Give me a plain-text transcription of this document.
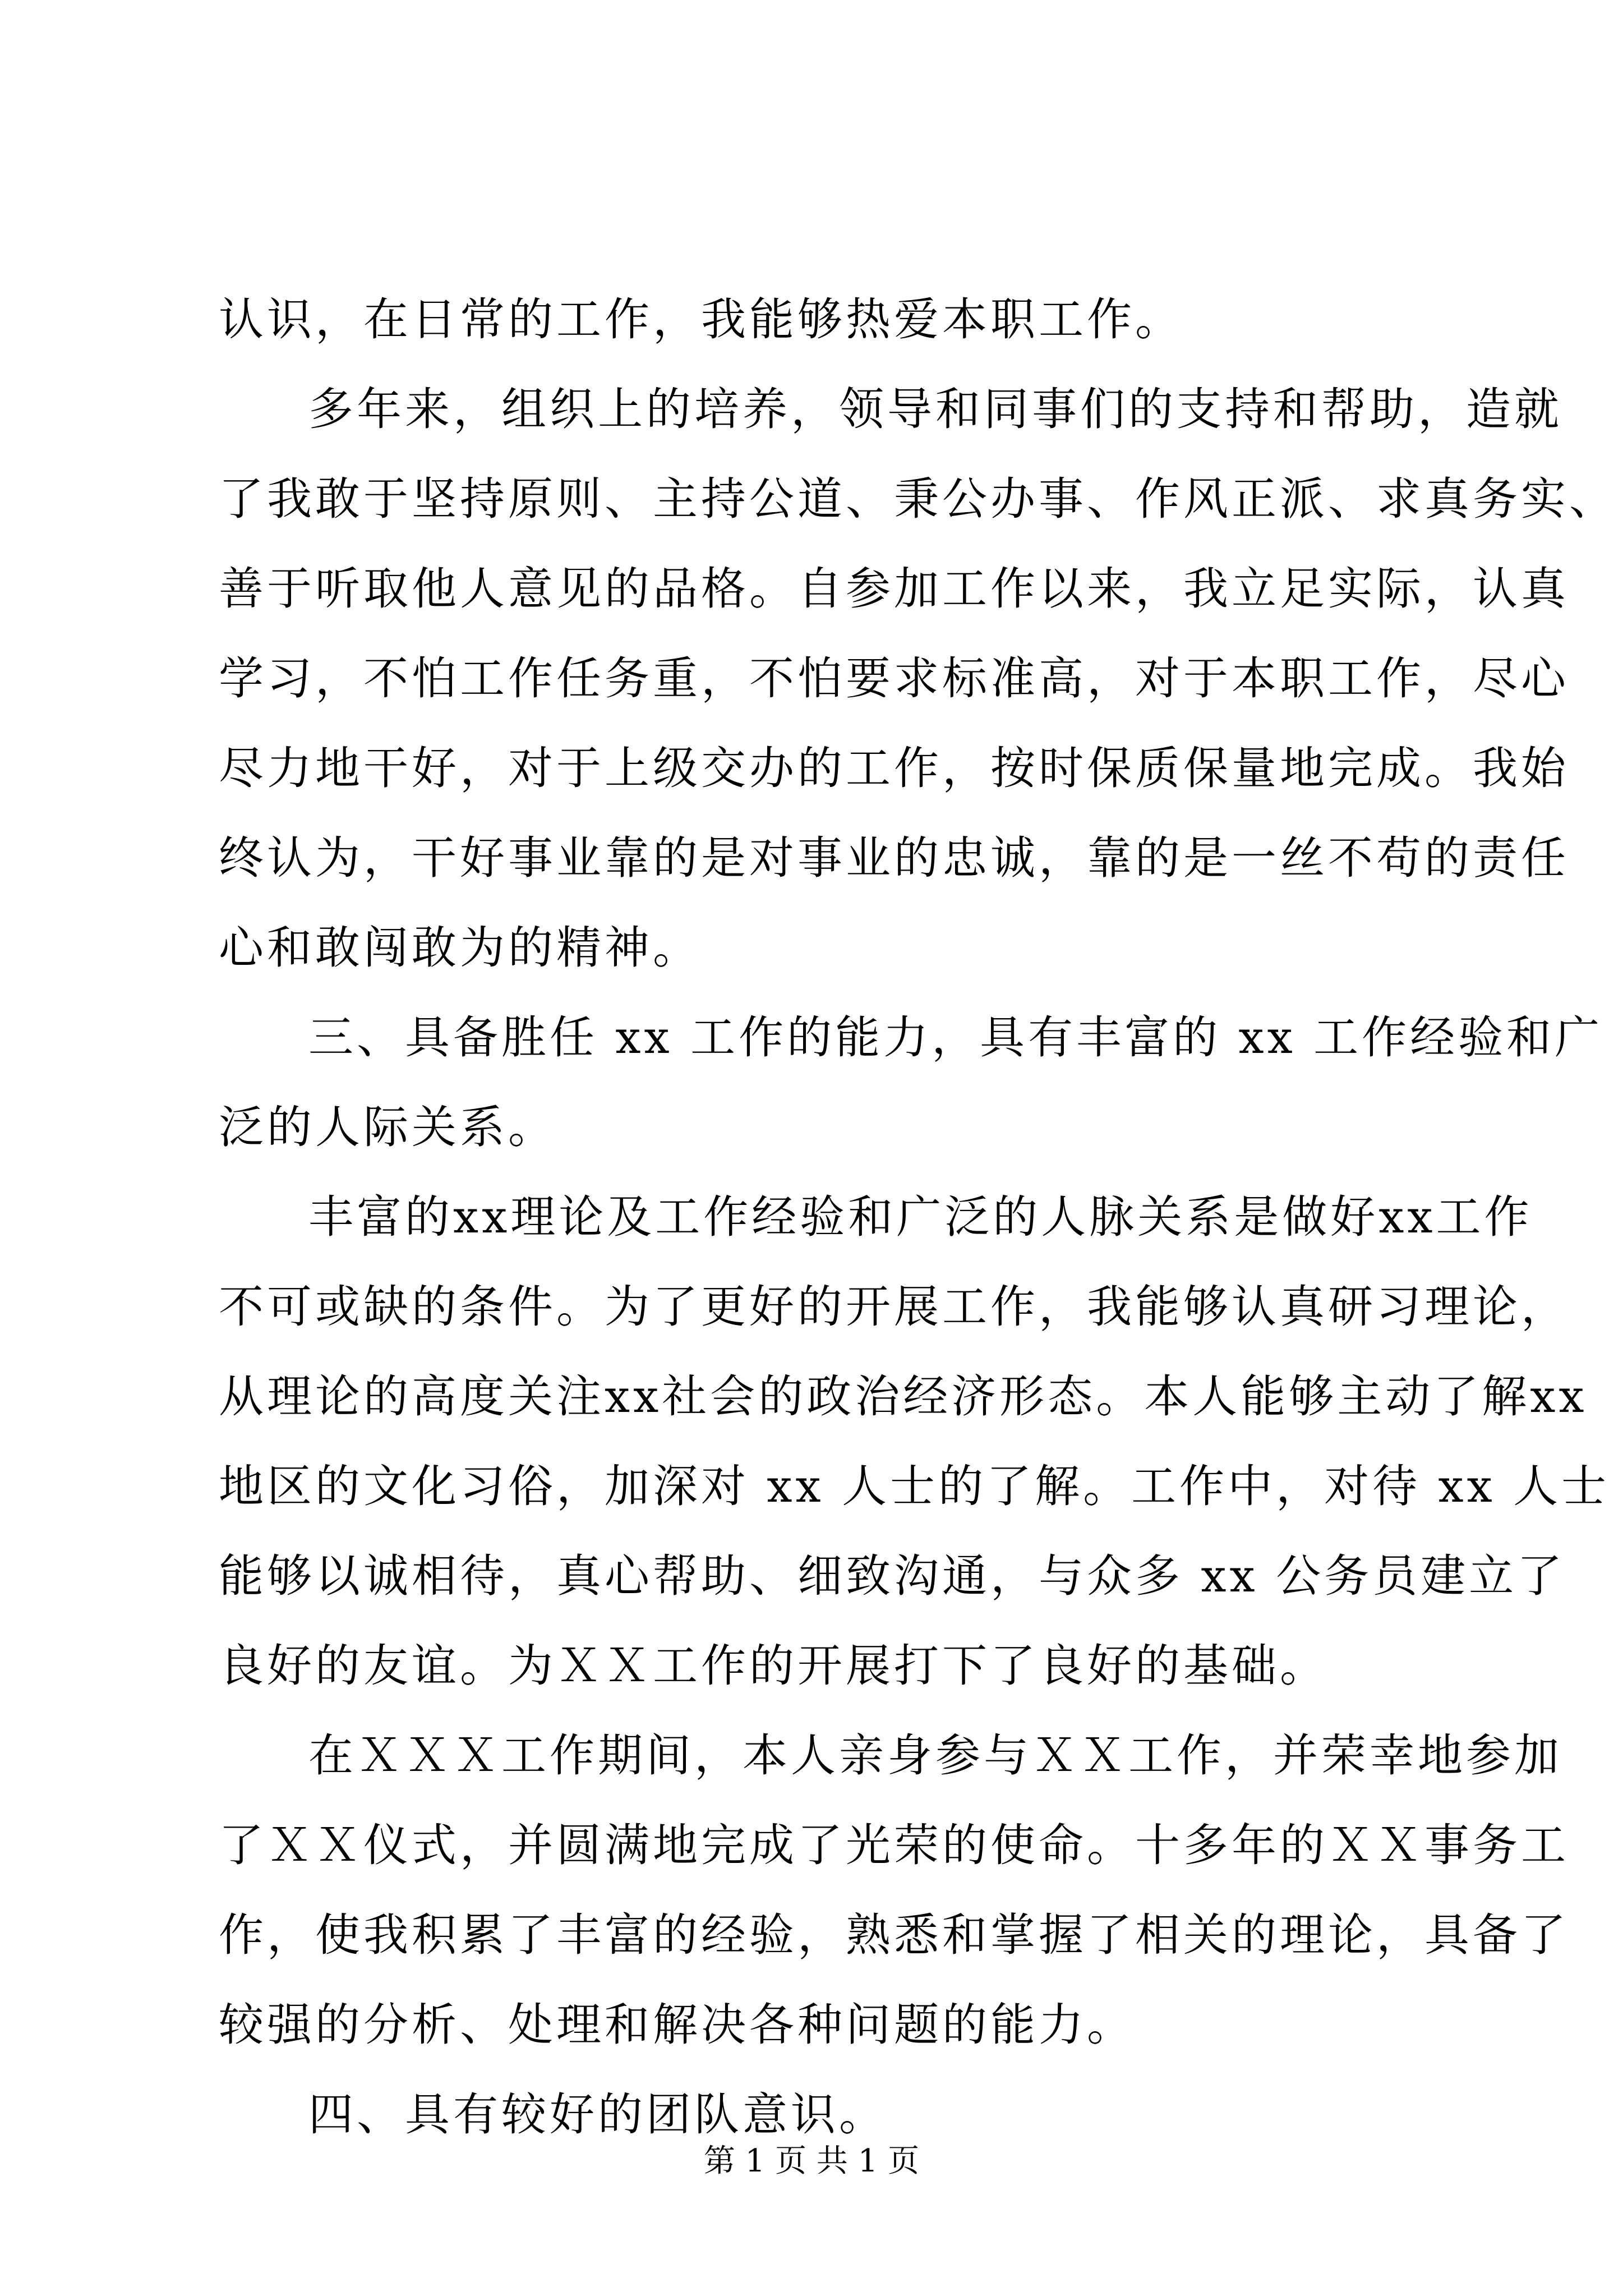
认识，在日常的工作，我能够热爱本职工作。
多年来，组织上的培养，领导和同事们的支持和帮助，造就
了我敢于坚持原则、主持公道、秉公办事、作风正派、求真务实、
善于听取他人意见的品格。自参加工作以来，我立足实际，认真
学习，不怕工作任务重，不怕要求标准高，对于本职工作，尽心
尽力地干好，对于上级交办的工作，按时保质保量地完成。我始
终认为，干好事业靠的是对事业的忠诚，靠的是一丝不苟的责任
心和敢闯敢为的精神。
三、具备胜任 xx 工作的能力，具有丰富的 xx 工作经验和广
泛的人际关系。
丰富的xx理论及工作经验和广泛的人脉关系是做好xx工作
不可或缺的条件。为了更好的开展工作，我能够认真研习理论，
从理论的高度关注xx社会的政治经济形态。本人能够主动了解xx
地区的文化习俗，加深对 xx 人士的了解。工作中，对待 xx 人士
能够以诚相待，真心帮助、细致沟通，与众多 xx 公务员建立了
良好的友谊。为ＸＸ工作的开展打下了良好的基础。
在ＸＸＸ工作期间，本人亲身参与ＸＸ工作，并荣幸地参加
了ＸＸ仪式，并圆满地完成了光荣的使命。十多年的ＸＸ事务工
作，使我积累了丰富的经验，熟悉和掌握了相关的理论，具备了
较强的分析、处理和解决各种问题的能力。
四、具有较好的团队意识。
第 1 页 共 1 页
